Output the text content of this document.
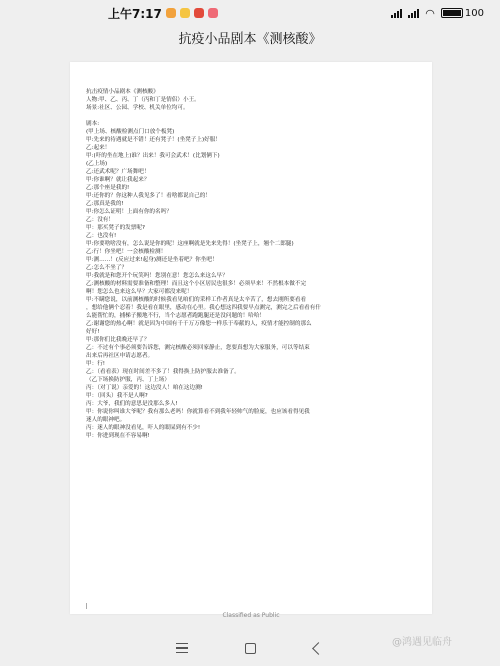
上午7:17	◠	100
抗疫小品剧本《测核酸》
抗击疫情小品剧本《测核酸》
人物:甲、乙、丙、丁（丙和丁是情侣）小王。
场景:社区、公园、学校、机关单位均可。
剧本:
(甲上场、核酸检测点门口放个板凳)
甲:先来的待遇就是不错！还有凳子！(坐凳子上)好服！
乙:起来！
甲:(吓的坐在地上)谁？出来！我可会武术！(比划俩下)
(乙上场)
乙:还武术呢？广场舞吧！
甲:你谁啊？就让我起来？
乙:那个座是我的!
甲:还你的？你这种人我见多了！看啥都说自己的！
乙:那真是我的!
甲:你怎么证明！上面有你的名吗？
乙：没有！
甲：那买凳子的发票呢?
乙：也没有!
甲:你要啥啥没有，怎么说是你的呢！这座啊就是先来先得！(坐凳子上，翘个二郎腿)
乙:行！你坐吧！一会核酸检测！
甲:测……！(反应过来!起身)测还是坐着吧？你坐吧！
乙:怎么不坐了？
甲:我就是和您开个玩笑吗！您别在意！您怎么来这么早？
乙:测核酸的材料需要准备和整理！而且这个小区居民也很多！必须早来！不然根本做不完
啊！您怎么也来这么早？大家可都没来呢！
甲:不瞒您说，以前测核酸的时候我看见咱们的采样工作者真是太辛苦了，想去刚所要看看
，想给他俩个忍着！我是看在眼里，感动在心里。我心想这四我要早点测完，测完之后看看有什
么能帮忙的，捕梯子搬地不行，当个志愿者跑跑腿还是没问题的！哈哈！
乙:谢谢您的热心啊！就是因为中国有千千万万像您一样乐于奉献的人，疫情才能控制的那么
好好!
甲:那你们比我晚还早了？
乙：不过有个事必须要告诉您，测完核酸必须回家静止，您要真想为大家服务，可以等结束
出来后再社区申请志愿者。
甲：行!
乙：（看看表）现在时间差不多了！我得换上防护服去准备了。
（乙下场换防护服，丙、丁上场）
丙：（对丁说）亲爱的！这边没人！咱在这边测!
甲：（回头）我不是人啊?
丙：大爷，我们的意思是没那么多人!
甲：你说你叫谁大爷呢？我有那么老吗！你就算看不到我年轻帅气的脸庞，也应该看得见我
迷人的眼神吧。
丙：迷人的眼神没看见，吓人的眼屎到有不少!
甲：你进到现在不容易啊!
Classified as Public
@鸿遇见临舟
